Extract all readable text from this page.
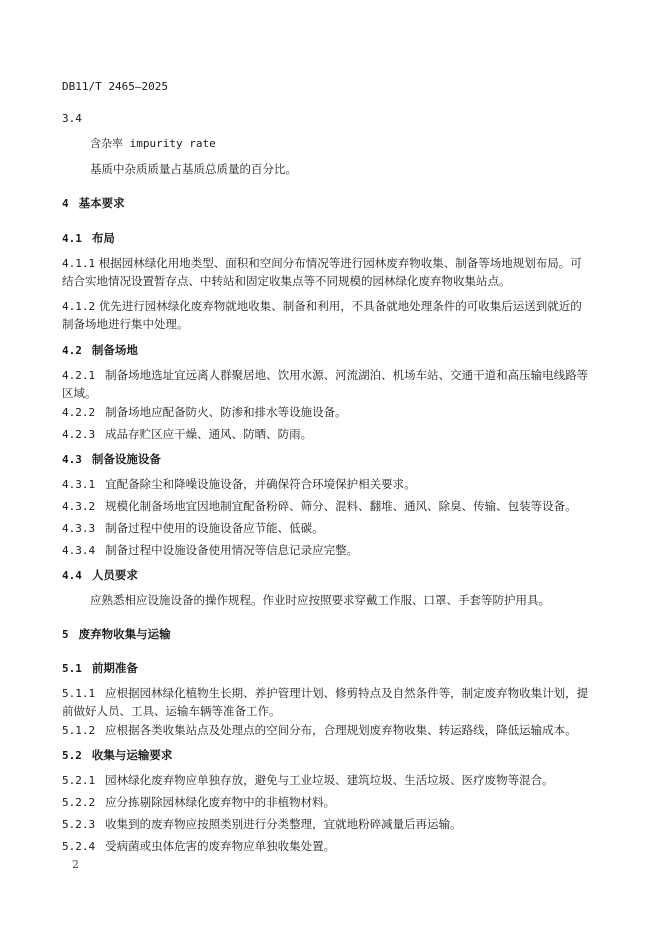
DB11/T 2465—2025
3.4
含杂率 impurity rate
基质中杂质质量占基质总质量的百分比。
4 基本要求
4.1 布局
4.1.1 根据园林绿化用地类型、面积和空间分布情况等进行园林废弃物收集、制备等场地规划布局。可
结合实地情况设置暂存点、中转站和固定收集点等不同规模的园林绿化废弃物收集站点。
4.1.2 优先进行园林绿化废弃物就地收集、制备和利用，不具备就地处理条件的可收集后运送到就近的
制备场地进行集中处理。
4.2 制备场地
4.2.1 制备场地选址宜远离人群聚居地、饮用水源、河流湖泊、机场车站、交通干道和高压输电线路等
区域。
4.2.2 制备场地应配备防火、防渗和排水等设施设备。
4.2.3 成品存贮区应干燥、通风、防晒、防雨。
4.3 制备设施设备
4.3.1 宜配备除尘和降噪设施设备，并确保符合环境保护相关要求。
4.3.2 规模化制备场地宜因地制宜配备粉碎、筛分、混料、翻堆、通风、除臭、传输、包装等设备。
4.3.3 制备过程中使用的设施设备应节能、低碳。
4.3.4 制备过程中设施设备使用情况等信息记录应完整。
4.4 人员要求
应熟悉相应设施设备的操作规程。作业时应按照要求穿戴工作服、口罩、手套等防护用具。
5 废弃物收集与运输
5.1 前期准备
5.1.1 应根据园林绿化植物生长期、养护管理计划、修剪特点及自然条件等，制定废弃物收集计划，提
前做好人员、工具、运输车辆等准备工作。
5.1.2 应根据各类收集站点及处理点的空间分布，合理规划废弃物收集、转运路线，降低运输成本。
5.2 收集与运输要求
5.2.1 园林绿化废弃物应单独存放，避免与工业垃圾、建筑垃圾、生活垃圾、医疗废物等混合。
5.2.2 应分拣剔除园林绿化废弃物中的非植物材料。
5.2.3 收集到的废弃物应按照类别进行分类整理，宜就地粉碎减量后再运输。
5.2.4 受病菌或虫体危害的废弃物应单独收集处置。
2
